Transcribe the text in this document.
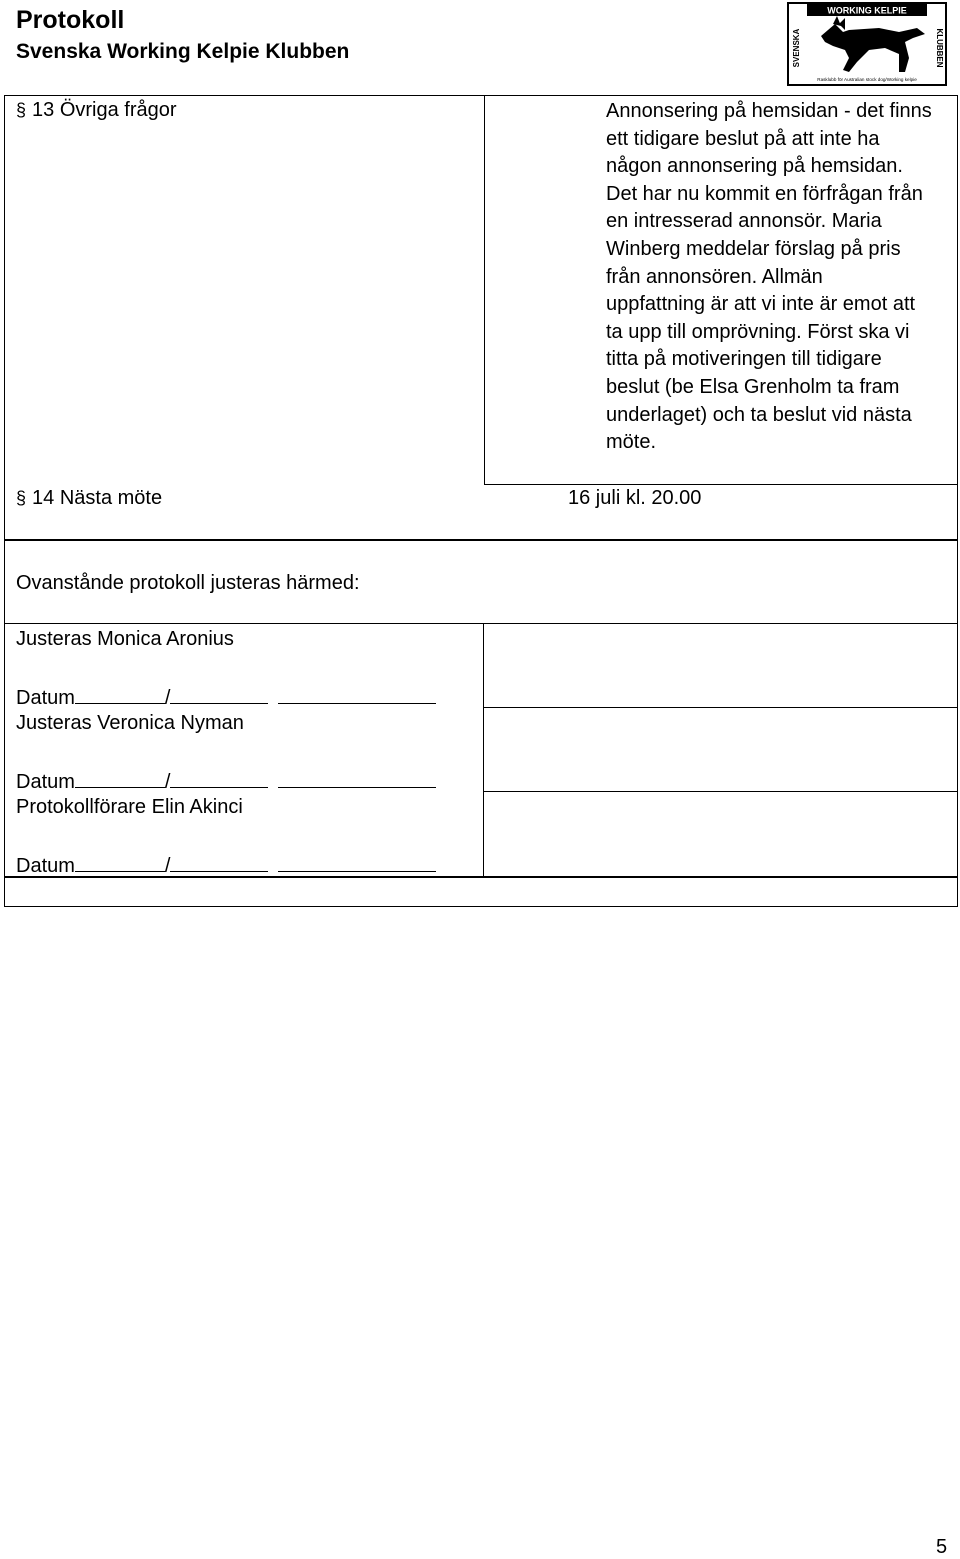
Protokoll
Svenska Working Kelpie Klubben
WORKING KELPIE
SVENSKA	KLUBBEN
Rasklubb för Australian stock dog/Working kelpie
§ 13 Övriga frågor	Annonsering på hemsidan - det finns
ett tidigare beslut på att inte ha
någon annonsering på hemsidan.
Det har nu kommit en förfrågan från
en intresserad annonsör. Maria
Winberg meddelar förslag på pris
från annonsören. Allmän
uppfattning är att vi inte är emot att
ta upp till omprövning. Först ska vi
titta på motiveringen till tidigare
beslut (be Elsa Grenholm ta fram
underlaget) och ta beslut vid nästa
möte.
§ 14 Nästa möte	16 juli kl. 20.00
Ovanstånde protokoll justeras härmed:
Justeras Monica Aronius
Datum	/
Justeras Veronica Nyman
Datum	/
Protokollförare Elin Akinci
Datum	/
5
